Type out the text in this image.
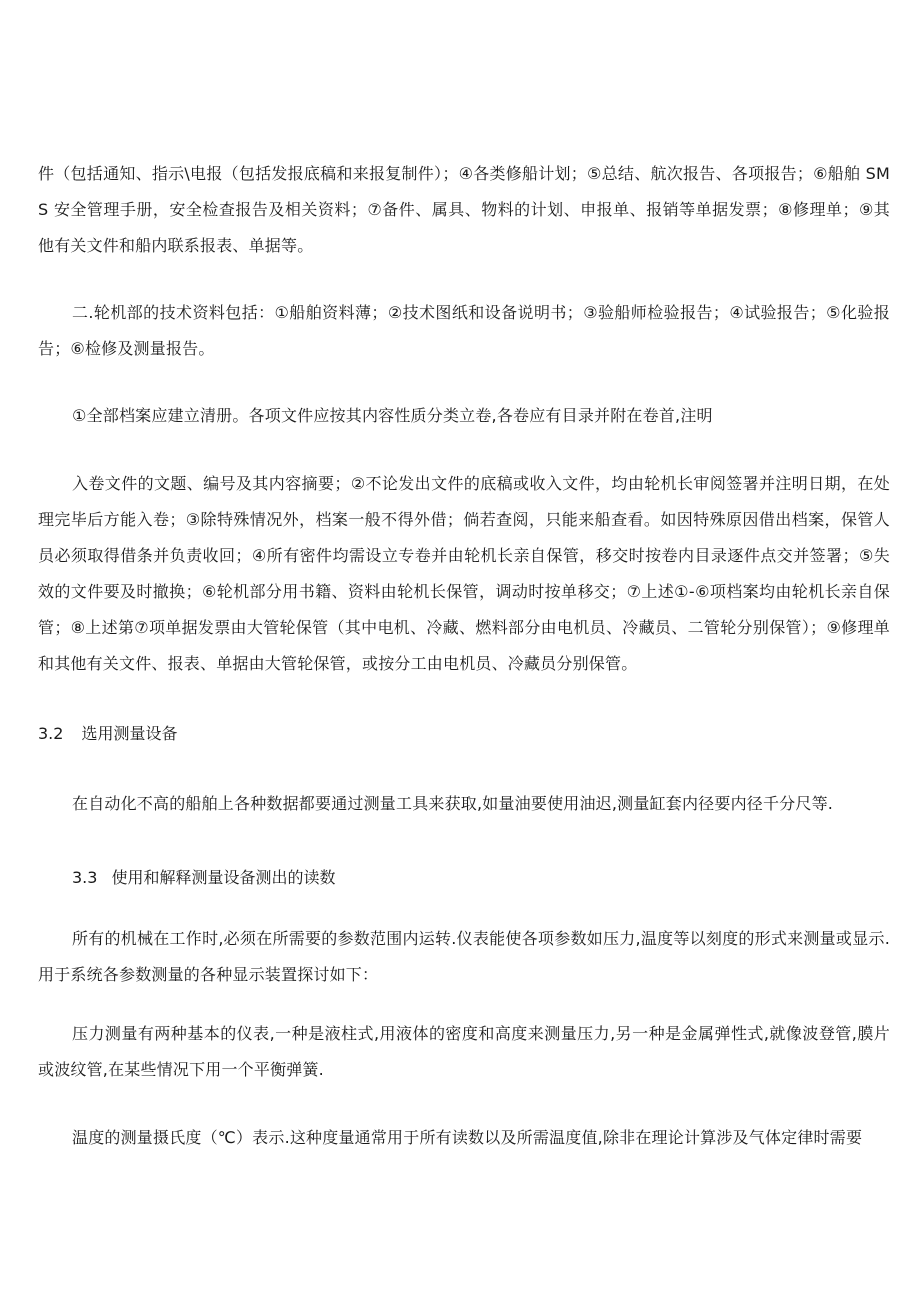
件（包括通知、指示\电报（包括发报底稿和来报复制件）；④各类修船计划；⑤总结、航次报告、各项报告；⑥船舶 SMS 安全管理手册，安全检查报告及相关资料；⑦备件、属具、物料的计划、申报单、报销等单据发票；⑧修理单；⑨其他有关文件和船内联系报表、单据等。

二.轮机部的技术资料包括：①船舶资料薄；②技术图纸和设备说明书；③验船师检验报告；④试验报告；⑤化验报告；⑥检修及测量报告。

①全部档案应建立清册。各项文件应按其内容性质分类立卷,各卷应有目录并附在卷首,注明

入卷文件的文题、编号及其内容摘要；②不论发出文件的底稿或收入文件，均由轮机长审阅签署并注明日期，在处理完毕后方能入卷；③除特殊情况外，档案一般不得外借；倘若查阅，只能来船查看。如因特殊原因借出档案，保管人员必须取得借条并负责收回；④所有密件均需设立专卷并由轮机长亲自保管，移交时按卷内目录逐件点交并签署；⑤失效的文件要及时撤换；⑥轮机部分用书籍、资料由轮机长保管，调动时按单移交；⑦上述①-⑥项档案均由轮机长亲自保管；⑧上述第⑦项单据发票由大管轮保管（其中电机、冷藏、燃料部分由电机员、冷藏员、二管轮分别保管）；⑨修理单和其他有关文件、报表、单据由大管轮保管，或按分工由电机员、冷藏员分别保管。

3.2 选用测量设备

在自动化不高的船舶上各种数据都要通过测量工具来获取,如量油要使用油迟,测量缸套内径要内径千分尺等.

3.3 使用和解释测量设备测出的读数

所有的机械在工作时,必须在所需要的参数范围内运转.仪表能使各项参数如压力,温度等以刻度的形式来测量或显示.用于系统各参数测量的各种显示装置探讨如下：

压力测量有两种基本的仪表,一种是液柱式,用液体的密度和高度来测量压力,另一种是金属弹性式,就像波登管,膜片或波纹管,在某些情况下用一个平衡弹簧.

温度的测量摄氏度（℃）表示.这种度量通常用于所有读数以及所需温度值,除非在理论计算涉及气体定律时需要
